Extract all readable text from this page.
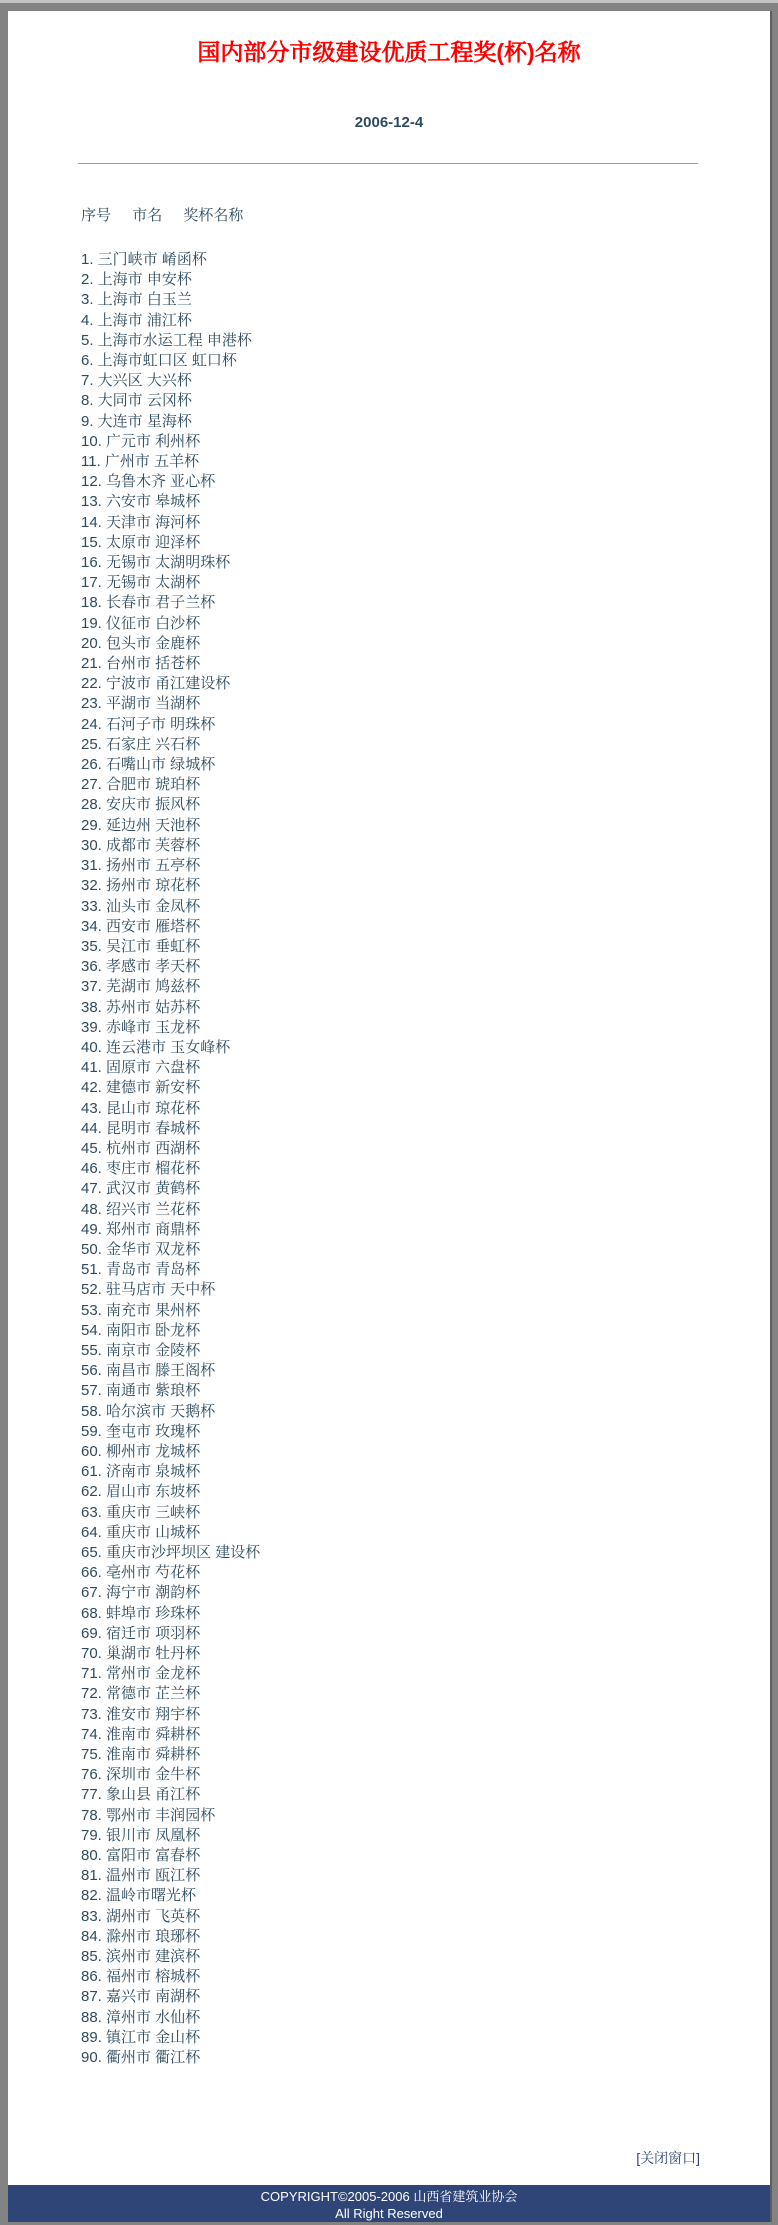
国内部分市级建设优质工程奖(杯)名称
2006-12-4
序号 市名 奖杯名称
1. 三门峡市 崤函杯
2. 上海市 申安杯
3. 上海市 白玉兰
4. 上海市 浦江杯
5. 上海市水运工程 申港杯
6. 上海市虹口区 虹口杯
7. 大兴区 大兴杯
8. 大同市 云冈杯
9. 大连市 星海杯
10. 广元市 利州杯
11. 广州市 五羊杯
12. 乌鲁木齐 亚心杯
13. 六安市 皋城杯
14. 天津市 海河杯
15. 太原市 迎泽杯
16. 无锡市 太湖明珠杯
17. 无锡市 太湖杯
18. 长春市 君子兰杯
19. 仪征市 白沙杯
20. 包头市 金鹿杯
21. 台州市 括苍杯
22. 宁波市 甬江建设杯
23. 平湖市 当湖杯
24. 石河子市 明珠杯
25. 石家庄 兴石杯
26. 石嘴山市 绿城杯
27. 合肥市 琥珀杯
28. 安庆市 振风杯
29. 延边州 天池杯
30. 成都市 芙蓉杯
31. 扬州市 五亭杯
32. 扬州市 琼花杯
33. 汕头市 金凤杯
34. 西安市 雁塔杯
35. 吴江市 垂虹杯
36. 孝感市 孝天杯
37. 芜湖市 鸠兹杯
38. 苏州市 姑苏杯
39. 赤峰市 玉龙杯
40. 连云港市 玉女峰杯
41. 固原市 六盘杯
42. 建德市 新安杯
43. 昆山市 琼花杯
44. 昆明市 春城杯
45. 杭州市 西湖杯
46. 枣庄市 榴花杯
47. 武汉市 黄鹤杯
48. 绍兴市 兰花杯
49. 郑州市 商鼎杯
50. 金华市 双龙杯
51. 青岛市 青岛杯
52. 驻马店市 天中杯
53. 南充市 果州杯
54. 南阳市 卧龙杯
55. 南京市 金陵杯
56. 南昌市 滕王阁杯
57. 南通市 紫琅杯
58. 哈尔滨市 天鹅杯
59. 奎屯市 玫瑰杯
60. 柳州市 龙城杯
61. 济南市 泉城杯
62. 眉山市 东坡杯
63. 重庆市 三峡杯
64. 重庆市 山城杯
65. 重庆市沙坪坝区 建设杯
66. 亳州市 芍花杯
67. 海宁市 潮韵杯
68. 蚌埠市 珍珠杯
69. 宿迁市 项羽杯
70. 巢湖市 牡丹杯
71. 常州市 金龙杯
72. 常德市 芷兰杯
73. 淮安市 翔宇杯
74. 淮南市 舜耕杯
75. 淮南市 舜耕杯
76. 深圳市 金牛杯
77. 象山县 甬江杯
78. 鄂州市 丰润园杯
79. 银川市 凤凰杯
80. 富阳市 富春杯
81. 温州市 瓯江杯
82. 温岭市曙光杯
83. 湖州市 飞英杯
84. 滁州市 琅琊杯
85. 滨州市 建滨杯
86. 福州市 榕城杯
87. 嘉兴市 南湖杯
88. 漳州市 水仙杯
89. 镇江市 金山杯
90. 衢州市 衢江杯
[关闭窗口]
COPYRIGHT©2005-2006 山西省建筑业协会
All Right Reserved
